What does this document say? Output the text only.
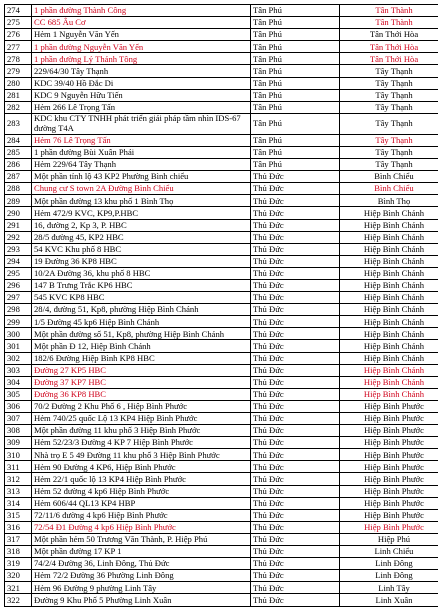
274	1 phần đường Thành Công	Tân Phú	Tân Thành
275	CC 685 Âu Cơ	Tân Phú	Tân Thành
276	Hẻm 1 Nguyễn Văn Yến	Tân Phú	Tân Thới Hòa
277	1 phần đường Nguyễn Văn Yến	Tân Phú	Tân Thới Hòa
278	1 phần đường Lý Thánh Tông	Tân Phú	Tân Thới Hòa
279	229/64/30 Tây Thạnh	Tân Phú	Tây Thạnh
280	KDC 39/40 Hồ Đắc Di	Tân Phú	Tây Thạnh
281	KDC 9 Nguyễn Hữu Tiến	Tân Phú	Tây Thạnh
282	Hẻm 266 Lê Trọng Tấn	Tân Phú	Tây Thạnh
283	KDC khu CTY TNHH phát triển giải pháp tầm nhìn IDS-67 đường T4A	Tân Phú	Tây Thạnh
284	Hẻm 76 Lê Trọng Tấn	Tân Phú	Tây Thạnh
285	1 phần đường Bùi Xuân Phái	Tân Phú	Tây Thạnh
286	Hẻm 229/64 Tây Thạnh	Tân Phú	Tây Thạnh
287	Một phần tỉnh lộ 43 KP2 Phường Bình chiểu	Thủ Đức	Bình Chiểu
288	Chung cư S town 2A Đường Bình Chiểu	Thủ Đức	Bình Chiểu
289	Một phần đường 13 khu phố 1 Bình Thọ	Thủ Đức	Bình Thọ
290	Hẻm 472/9 KVC, KP9,P.HBC	Thủ Đức	Hiệp Bình Chánh
291	16, đường 2, Kp 3, P. HBC	Thủ Đức	Hiệp Bình Chánh
292	28/5 đường 45, KP2 HBC	Thủ Đức	Hiệp Bình Chánh
293	54 KVC Khu phố 8 HBC	Thủ Đức	Hiệp Bình Chánh
294	19 Đường 36 KP8 HBC	Thủ Đức	Hiệp Bình Chánh
295	10/2A Đường 36, khu phố 8 HBC	Thủ Đức	Hiệp Bình Chánh
296	147 B Trưng Trắc KP6 HBC	Thủ Đức	Hiệp Bình Chánh
297	545 KVC KP8 HBC	Thủ Đức	Hiệp Bình Chánh
298	28/4, đường 51, Kp8, phường Hiệp Bình Chánh	Thủ Đức	Hiệp Bình Chánh
299	1/5 Đường 45 kp6 Hiệp Bình Chánh	Thủ Đức	Hiệp Bình Chánh
300	Một phần đường số 51, Kp8, phường Hiệp Bình Chánh	Thủ Đức	Hiệp Bình Chánh
301	Một phần Đ 12, Hiệp Bình Chánh	Thủ Đức	Hiệp Bình Chánh
302	182/6 Đường Hiệp Bình KP8 HBC	Thủ Đức	Hiệp Bình Chánh
303	Đường 27 KP5 HBC	Thủ Đức	Hiệp Bình Chánh
304	Đường 37 KP7 HBC	Thủ Đức	Hiệp Bình Chánh
305	Đường 36 KP8 HBC	Thủ Đức	Hiệp Bình Chánh
306	70/2 Đường 2 Khu Phố 6 , Hiệp Bình Phước	Thủ Đức	Hiệp Bình Phước
307	Hẻm 740/25 quốc Lộ 13 KP4 Hiệp Bình Phước	Thủ Đức	Hiệp Bình Phước
308	Một phần đường 11 khu phố 3 Hiệp Bình Phước	Thủ Đức	Hiệp Bình Phước
309	Hẻm 52/23/3 Đường 4 KP 7 Hiệp Bình Phước	Thủ Đức	Hiệp Bình Phước
310	Nhà trọ E 5 49 Đường 11 khu phố 3 Hiệp Bình Phước	Thủ Đức	Hiệp Bình Phước
311	Hẻm 90 Đường 4 KP6, Hiệp Bình Phước	Thủ Đức	Hiệp Bình Phước
312	Hẻm 22/1 quốc lộ 13 KP4 Hiệp Bình Phước	Thủ Đức	Hiệp Bình Phước
313	Hẻm 52 đường 4 kp6 Hiệp Bình Phước	Thủ Đức	Hiệp Bình Phước
314	Hẻm 606/44 QL13 KP4 HBP	Thủ Đức	Hiệp Bình Phước
315	72/11/6 đường 4 kp6 Hiệp Bình Phước	Thủ Đức	Hiệp Bình Phước
316	72/54 Đ1 Đường 4 kp6 Hiệp Bình Phước	Thủ Đức	Hiệp Bình Phước
317	Một phần hẻm 50 Trương Văn Thành, P. Hiệp Phú	Thủ Đức	Hiệp Phú
318	Một phần đường 17 KP 1	Thủ Đức	Linh Chiểu
319	74/2/4 Đường 36, Linh Đông, Thủ Đức	Thủ Đức	Linh Đông
320	Hẻm 72/2 Đường 36 Phường Linh Đông	Thủ Đức	Linh Đông
321	Hẻm 96 Đường 9 phường Linh Tây	Thủ Đức	Linh Tây
322	Đường 9 Khu Phố 5 Phường Linh Xuân	Thủ Đức	Linh Xuân
